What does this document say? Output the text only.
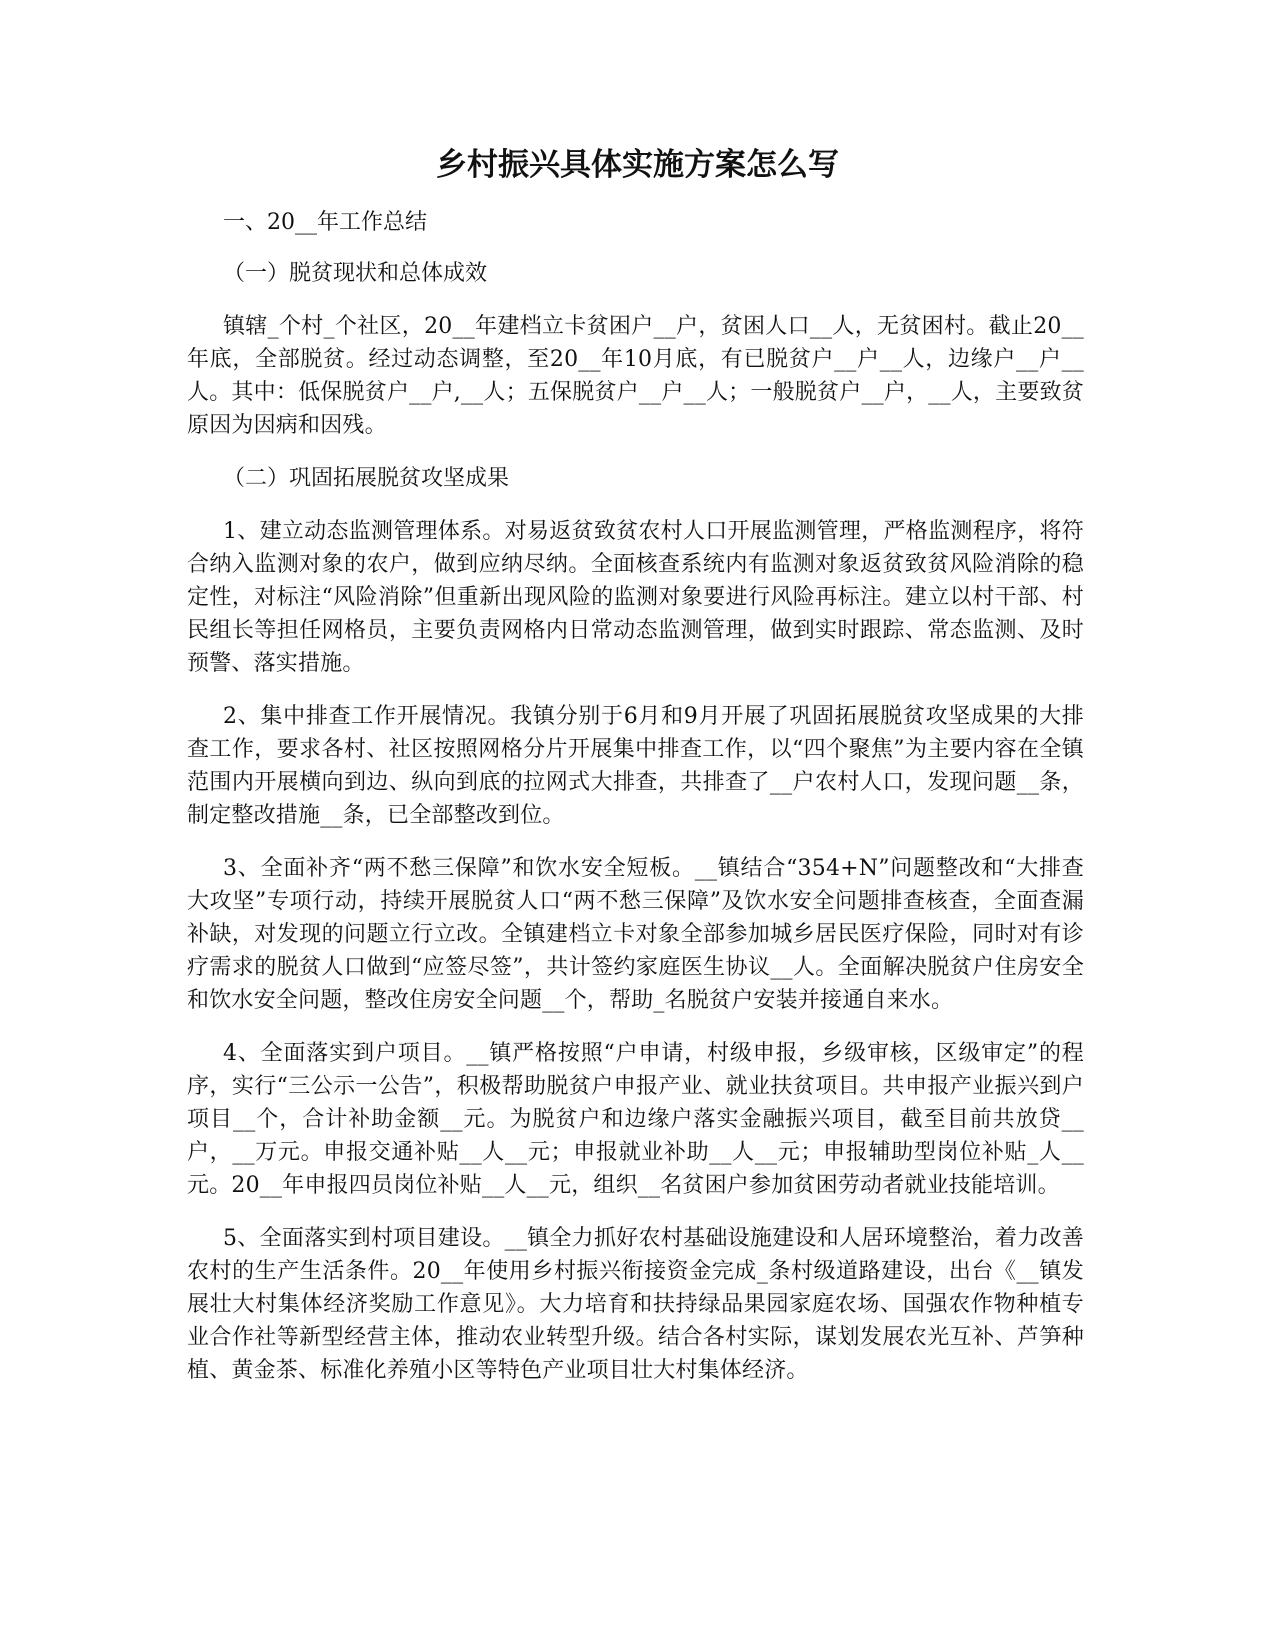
乡村振兴具体实施方案怎么写

一、20__年工作总结

（一）脱贫现状和总体成效

镇辖_个村_个社区，20__年建档立卡贫困户__户，贫困人口__人，无贫困村。截止20__年底，全部脱贫。经过动态调整，至20__年10月底，有已脱贫户__户__人，边缘户__户__人。其中：低保脱贫户__户,__人；五保脱贫户__户__人；一般脱贫户__户，__人，主要致贫原因为因病和因残。

（二）巩固拓展脱贫攻坚成果

1、建立动态监测管理体系。对易返贫致贫农村人口开展监测管理，严格监测程序，将符合纳入监测对象的农户，做到应纳尽纳。全面核查系统内有监测对象返贫致贫风险消除的稳定性，对标注“风险消除”但重新出现风险的监测对象要进行风险再标注。建立以村干部、村民组长等担任网格员，主要负责网格内日常动态监测管理，做到实时跟踪、常态监测、及时预警、落实措施。

2、集中排查工作开展情况。我镇分别于6月和9月开展了巩固拓展脱贫攻坚成果的大排查工作，要求各村、社区按照网格分片开展集中排查工作，以“四个聚焦”为主要内容在全镇范围内开展横向到边、纵向到底的拉网式大排查，共排查了__户农村人口，发现问题__条，制定整改措施__条，已全部整改到位。

3、全面补齐“两不愁三保障”和饮水安全短板。__镇结合“354+N”问题整改和“大排查大攻坚”专项行动，持续开展脱贫人口“两不愁三保障”及饮水安全问题排查核查，全面查漏补缺，对发现的问题立行立改。全镇建档立卡对象全部参加城乡居民医疗保险，同时对有诊疗需求的脱贫人口做到“应签尽签”，共计签约家庭医生协议__人。全面解决脱贫户住房安全和饮水安全问题，整改住房安全问题__个，帮助_名脱贫户安装并接通自来水。

4、全面落实到户项目。__镇严格按照“户申请，村级申报，乡级审核，区级审定”的程序，实行“三公示一公告”，积极帮助脱贫户申报产业、就业扶贫项目。共申报产业振兴到户项目__个，合计补助金额__元。为脱贫户和边缘户落实金融振兴项目，截至目前共放贷__户，__万元。申报交通补贴__人__元；申报就业补助__人__元；申报辅助型岗位补贴_人__元。20__年申报四员岗位补贴__人__元，组织__名贫困户参加贫困劳动者就业技能培训。

5、全面落实到村项目建设。__镇全力抓好农村基础设施建设和人居环境整治，着力改善农村的生产生活条件。20__年使用乡村振兴衔接资金完成_条村级道路建设，出台《__镇发展壮大村集体经济奖励工作意见》。大力培育和扶持绿品果园家庭农场、国强农作物种植专业合作社等新型经营主体，推动农业转型升级。结合各村实际，谋划发展农光互补、芦笋种植、黄金茶、标准化养殖小区等特色产业项目壮大村集体经济。
